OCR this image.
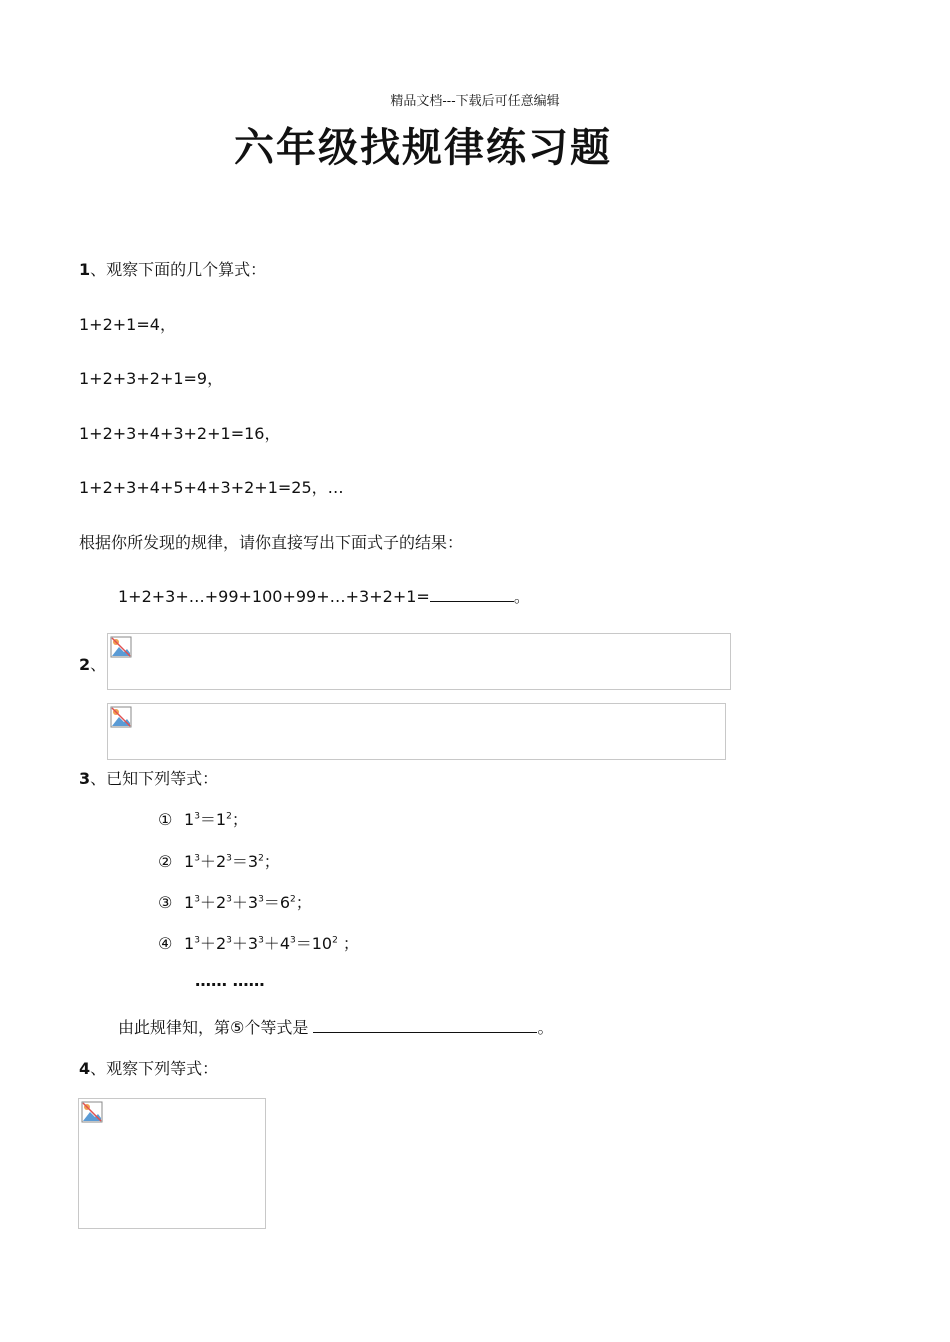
精品文档---下载后可任意编辑
六年级找规律练习题
1、观察下面的几个算式：
1+2+1=4，
1+2+3+2+1=9，
1+2+3+4+3+2+1=16，
1+2+3+4+5+4+3+2+1=25，…
根据你所发现的规律，请你直接写出下面式子的结果：
1+2+3+…+99+100+99+…+3+2+1=	。
2、
3、已知下列等式：
① $1^3=1^2$；
② $1^3+2^3=3^2$；
③ $1^3+2^3+3^3=6^2$；
④ $1^3+2^3+3^3+4^3=10^2$ ；
…… ……
由此规律知，第⑤个等式是	。
4、观察下列等式：
